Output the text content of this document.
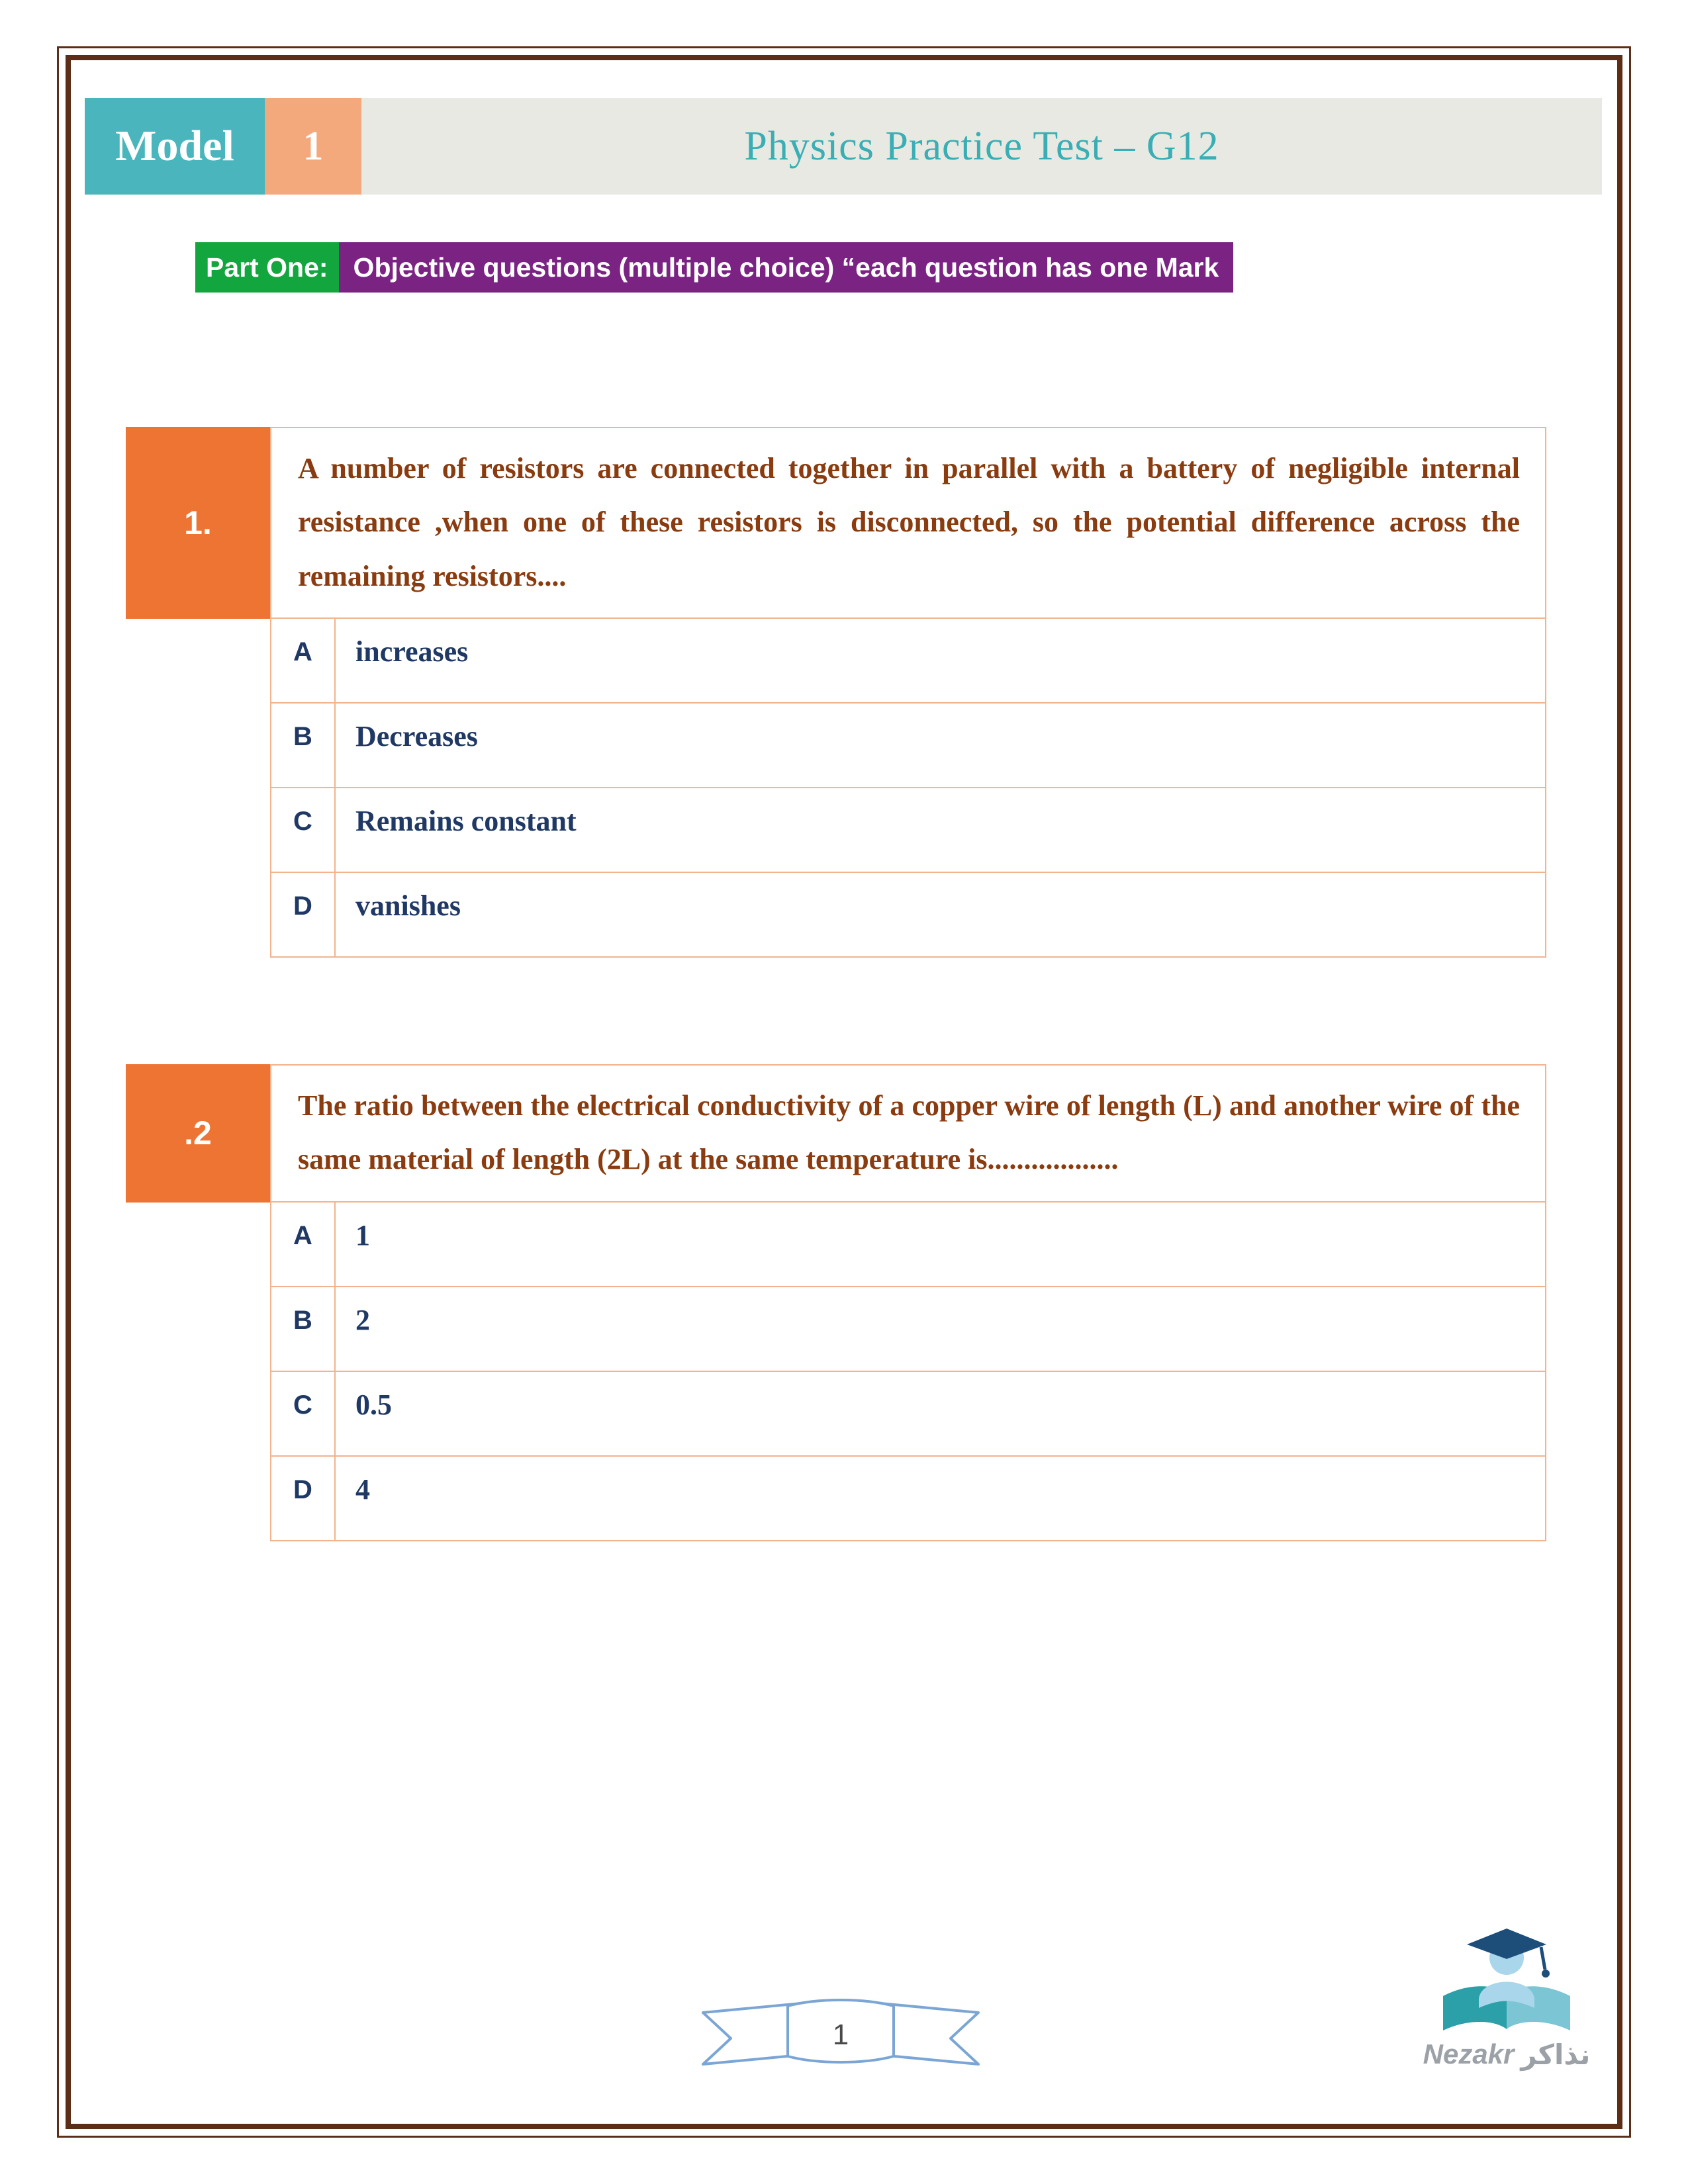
Model 1	Physics Practice Test – G12
Part One: Objective questions (multiple choice) “each question has one Mark
1.
A number of resistors are connected together in parallel with a battery of negligible internal resistance ,when one of these resistors is disconnected, so the potential difference across the remaining resistors....
A	increases
B	Decreases
C	Remains constant
D	vanishes
.2
The ratio between the electrical conductivity of a copper wire of length (L) and another wire of the same material of length (2L) at the same temperature is..................
A	1
B	2
C	0.5
D	4
1
Nezakr نذاكر
